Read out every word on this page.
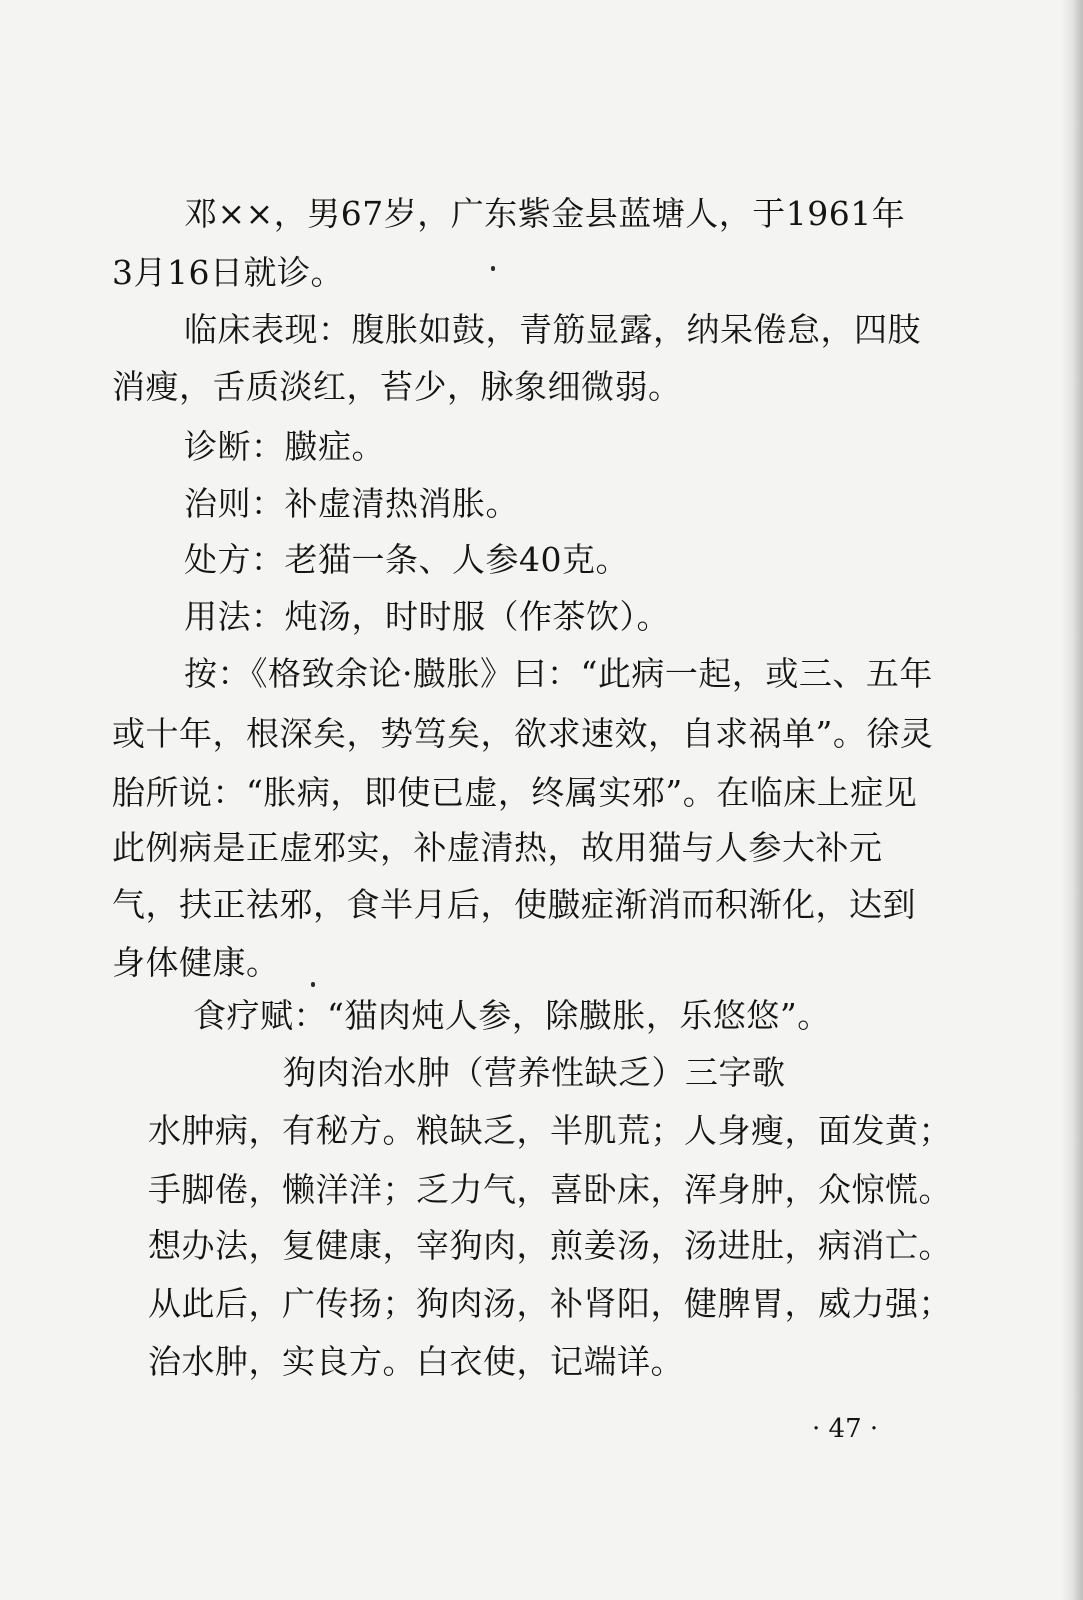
邓××，男67岁，广东紫金县蓝塘人，于1961年
3月16日就诊。
临床表现：腹胀如鼓，青筋显露，纳呆倦怠，四肢
消瘦，舌质淡红，苔少，脉象细微弱。
诊断：臌症。
治则：补虚清热消胀。
处方：老猫一条、人参40克。
用法：炖汤，时时服（作茶饮）。
按：《格致余论·臌胀》曰：“此病一起，或三、五年
或十年，根深矣，势笃矣，欲求速效，自求祸单”。徐灵
胎所说：“胀病，即使已虚，终属实邪”。在临床上症见
此例病是正虚邪实，补虚清热，故用猫与人参大补元
气，扶正祛邪，食半月后，使臌症渐消而积渐化，达到
身体健康。
食疗赋：“猫肉炖人参，除臌胀，乐悠悠”。
狗肉治水肿（营养性缺乏）三字歌
水肿病，有秘方。粮缺乏，半肌荒；人身瘦，面发黄；
手脚倦，懒洋洋；乏力气，喜卧床，浑身肿，众惊慌。
想办法，复健康，宰狗肉，煎姜汤，汤进肚，病消亡。
从此后，广传扬；狗肉汤，补肾阳，健脾胃，威力强；
治水肿，实良方。白衣使，记端详。
· 47 ·
